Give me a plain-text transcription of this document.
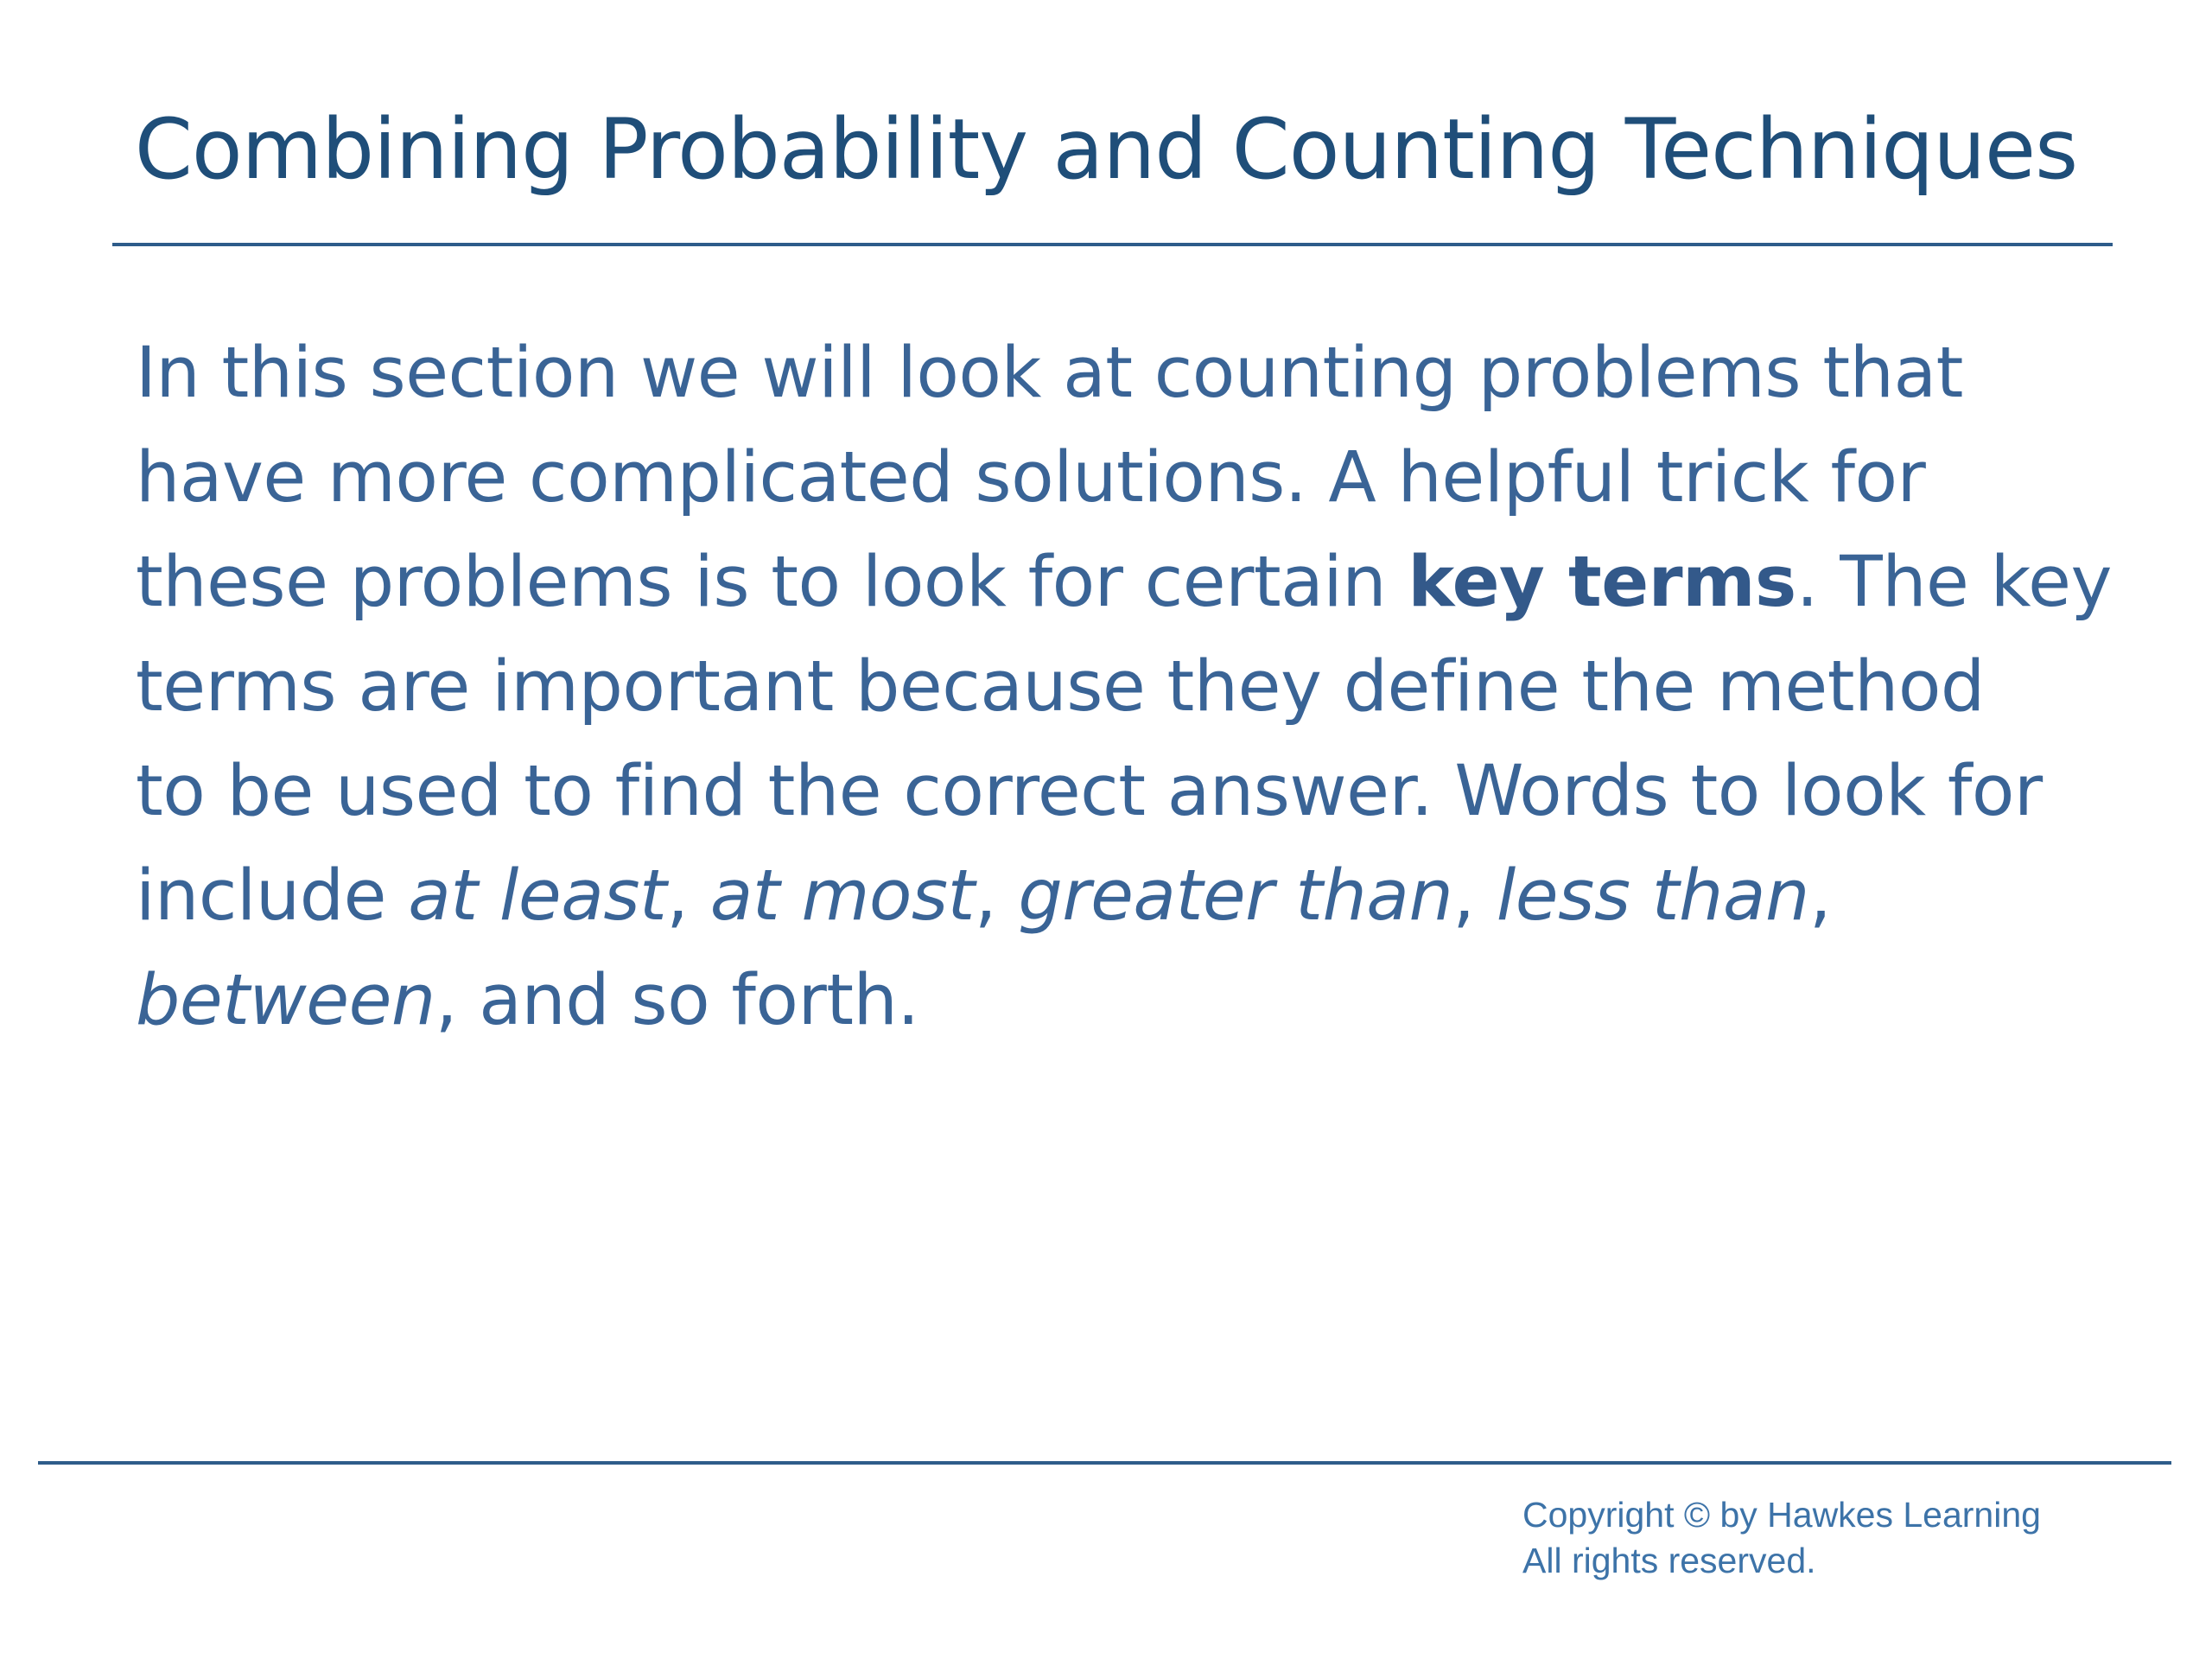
Combining Probability and Counting Techniques
In this section we will look at counting problems that
have more complicated solutions. A helpful trick for
these problems is to look for certain key terms. The key
terms are important because they define the method
to be used to find the correct answer. Words to look for
include at least, at most, greater than, less than,
between, and so forth.
Copyright © by Hawkes Learning
All rights reserved.
